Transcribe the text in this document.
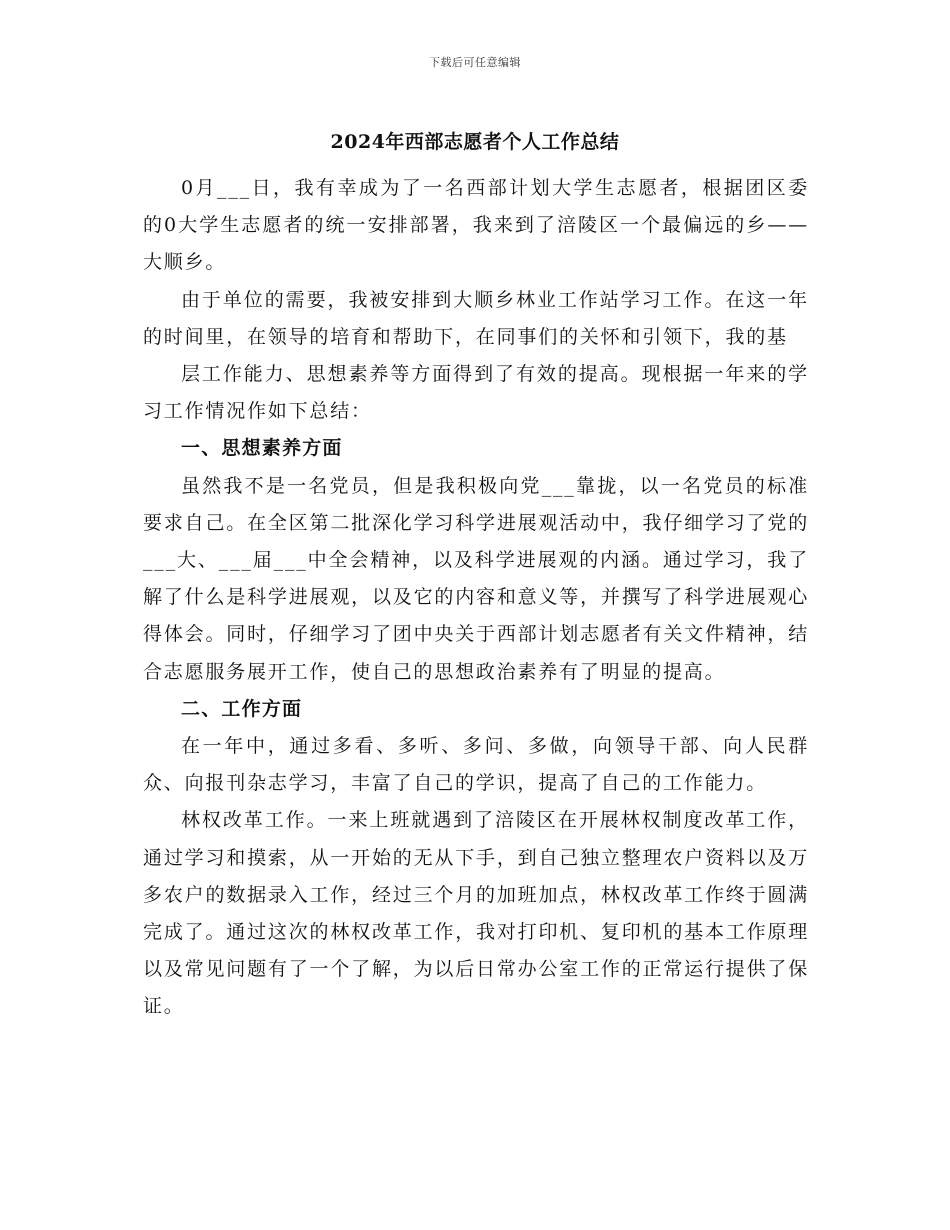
下载后可任意编辑
2024年西部志愿者个人工作总结

0月___日，我有幸成为了一名西部计划大学生志愿者，根据团区委的0大学生志愿者的统一安排部署，我来到了涪陵区一个最偏远的乡——大顺乡。

由于单位的需要，我被安排到大顺乡林业工作站学习工作。在这一年的时间里，在领导的培育和帮助下，在同事们的关怀和引领下，我的基

层工作能力、思想素养等方面得到了有效的提高。现根据一年来的学习工作情况作如下总结：

一、思想素养方面

虽然我不是一名党员，但是我积极向党___靠拢，以一名党员的标准要求自己。在全区第二批深化学习科学进展观活动中，我仔细学习了党的___大、___届___中全会精神，以及科学进展观的内涵。通过学习，我了解了什么是科学进展观，以及它的内容和意义等，并撰写了科学进展观心得体会。同时，仔细学习了团中央关于西部计划志愿者有关文件精神，结合志愿服务展开工作，使自己的思想政治素养有了明显的提高。

二、工作方面

在一年中，通过多看、多听、多问、多做，向领导干部、向人民群众、向报刊杂志学习，丰富了自己的学识，提高了自己的工作能力。

林权改革工作。一来上班就遇到了涪陵区在开展林权制度改革工作，通过学习和摸索，从一开始的无从下手，到自己独立整理农户资料以及万多农户的数据录入工作，经过三个月的加班加点，林权改革工作终于圆满完成了。通过这次的林权改革工作，我对打印机、复印机的基本工作原理以及常见问题有了一个了解，为以后日常办公室工作的正常运行提供了保证。
